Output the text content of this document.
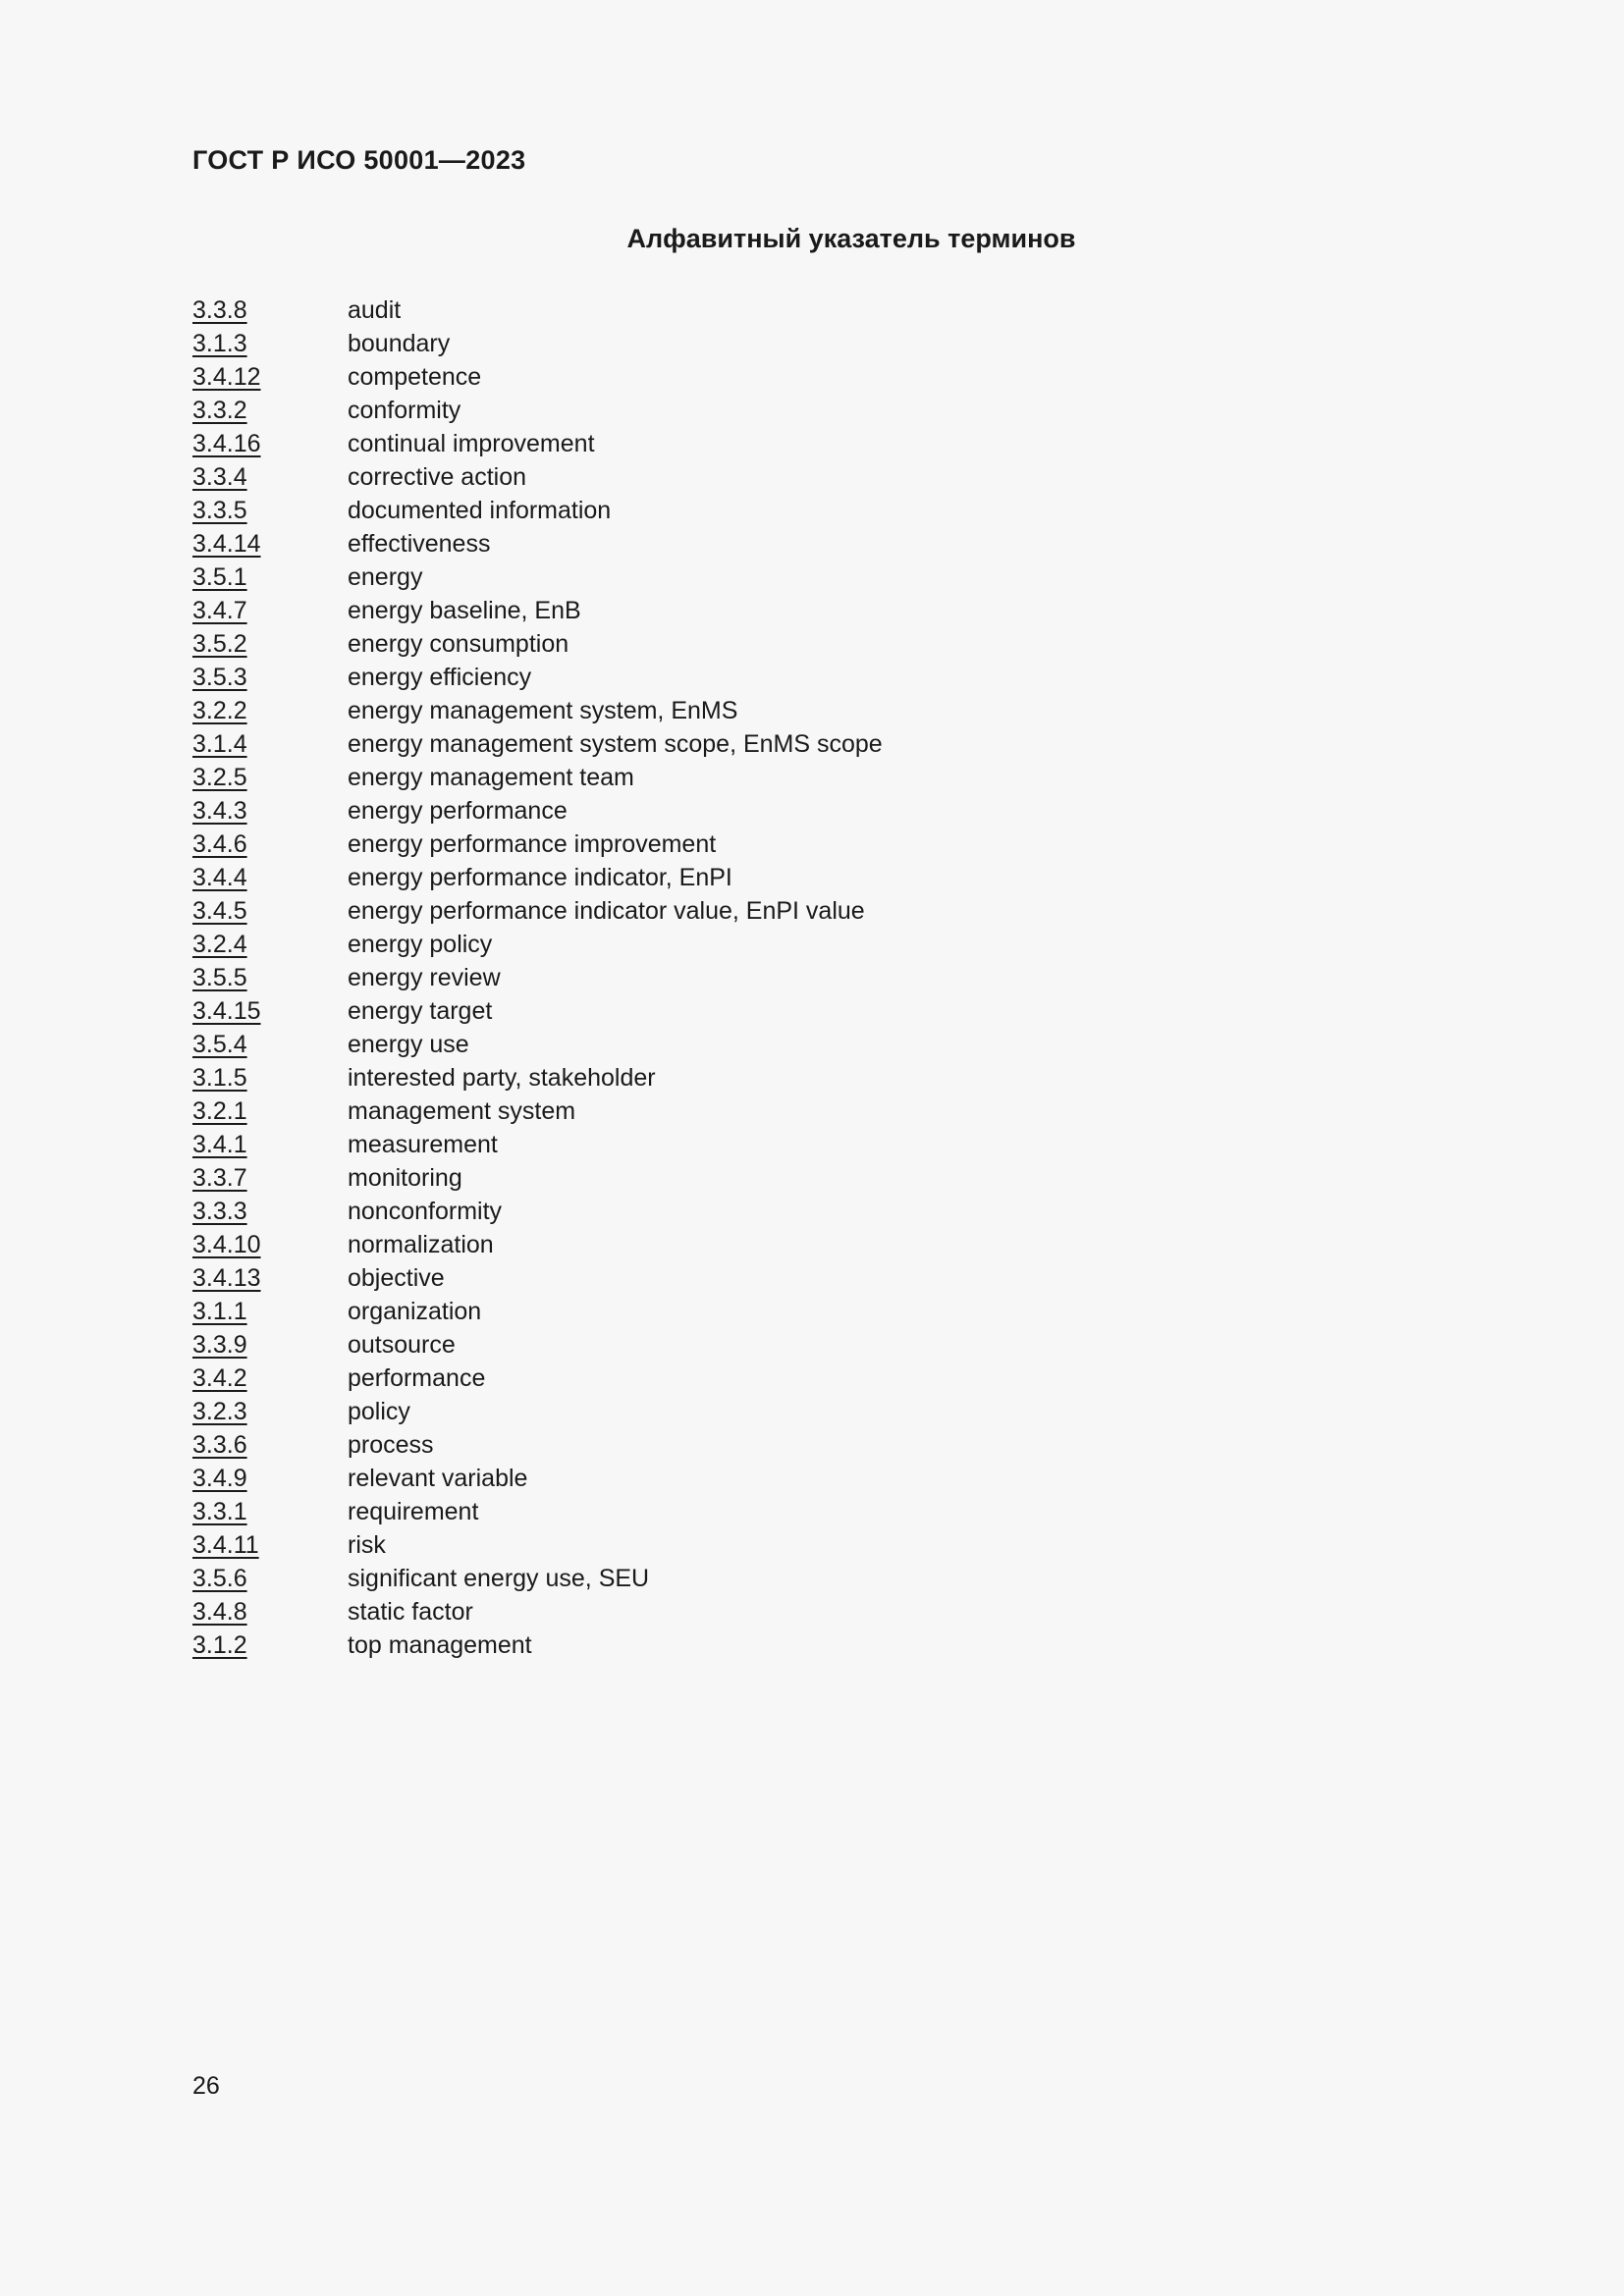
ГОСТ Р ИСО 50001—2023
Алфавитный указатель терминов
3.3.8	audit
3.1.3	boundary
3.4.12	competence
3.3.2	conformity
3.4.16	continual improvement
3.3.4	corrective action
3.3.5	documented information
3.4.14	effectiveness
3.5.1	energy
3.4.7	energy baseline, EnB
3.5.2	energy consumption
3.5.3	energy efficiency
3.2.2	energy management system, EnMS
3.1.4	energy management system scope, EnMS scope
3.2.5	energy management team
3.4.3	energy performance
3.4.6	energy performance improvement
3.4.4	energy performance indicator, EnPI
3.4.5	energy performance indicator value, EnPI value
3.2.4	energy policy
3.5.5	energy review
3.4.15	energy target
3.5.4	energy use
3.1.5	interested party, stakeholder
3.2.1	management system
3.4.1	measurement
3.3.7	monitoring
3.3.3	nonconformity
3.4.10	normalization
3.4.13	objective
3.1.1	organization
3.3.9	outsource
3.4.2	performance
3.2.3	policy
3.3.6	process
3.4.9	relevant variable
3.3.1	requirement
3.4.11	risk
3.5.6	significant energy use, SEU
3.4.8	static factor
3.1.2	top management

26
